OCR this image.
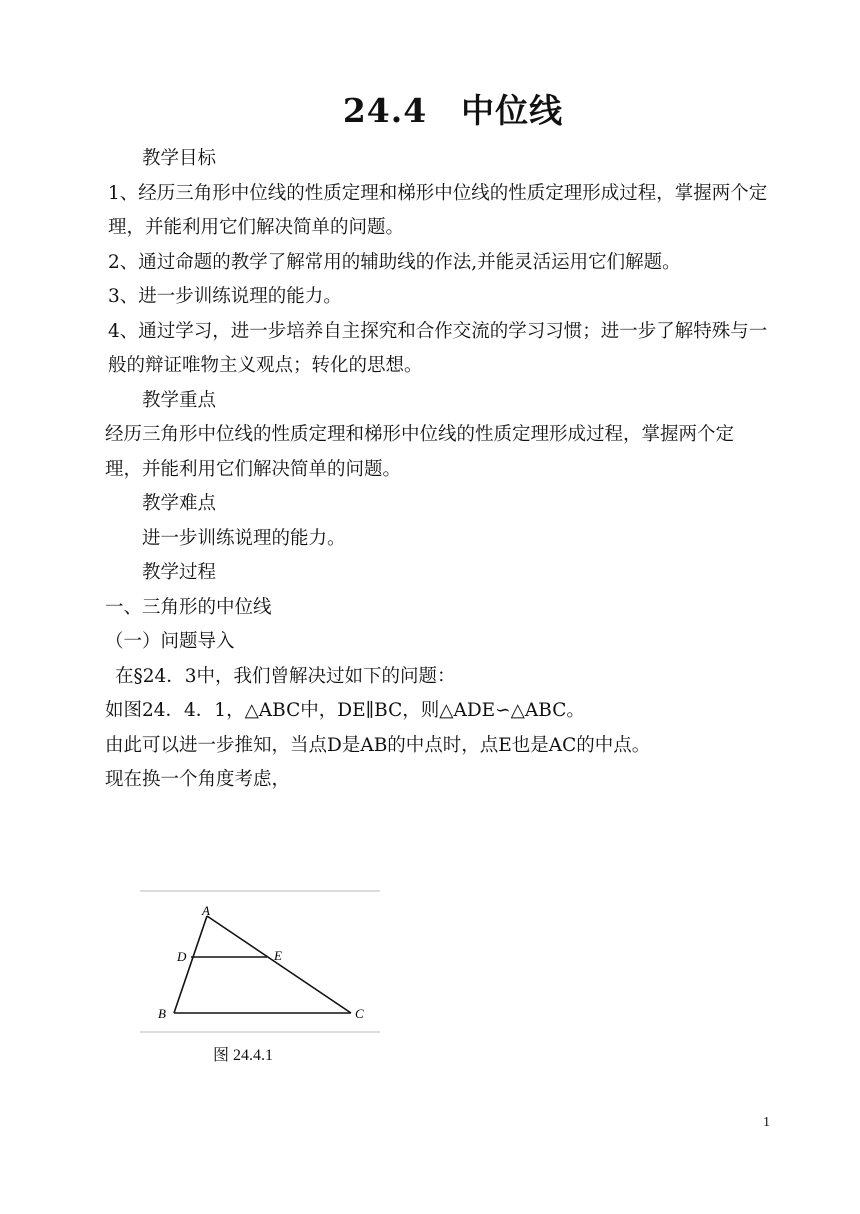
24.4　中位线

教学目标

1、经历三角形中位线的性质定理和梯形中位线的性质定理形成过程，掌握两个定理，并能利用它们解决简单的问题。

2、通过命题的教学了解常用的辅助线的作法,并能灵活运用它们解题。

3、进一步训练说理的能力。

4、通过学习，进一步培养自主探究和合作交流的学习习惯；进一步了解特殊与一般的辩证唯物主义观点；转化的思想。

教学重点

经历三角形中位线的性质定理和梯形中位线的性质定理形成过程，掌握两个定理，并能利用它们解决简单的问题。

教学难点

进一步训练说理的能力。

教学过程

一、三角形的中位线

（一）问题导入

在§24．3中，我们曾解决过如下的问题：

如图24．4．1，△ABC中，DE∥BC，则△ADE∽△ABC。

由此可以进一步推知，当点D是AB的中点时，点E也是AC的中点。

现在换一个角度考虑，

A
D	E
B	C
图 24.4.1
1
